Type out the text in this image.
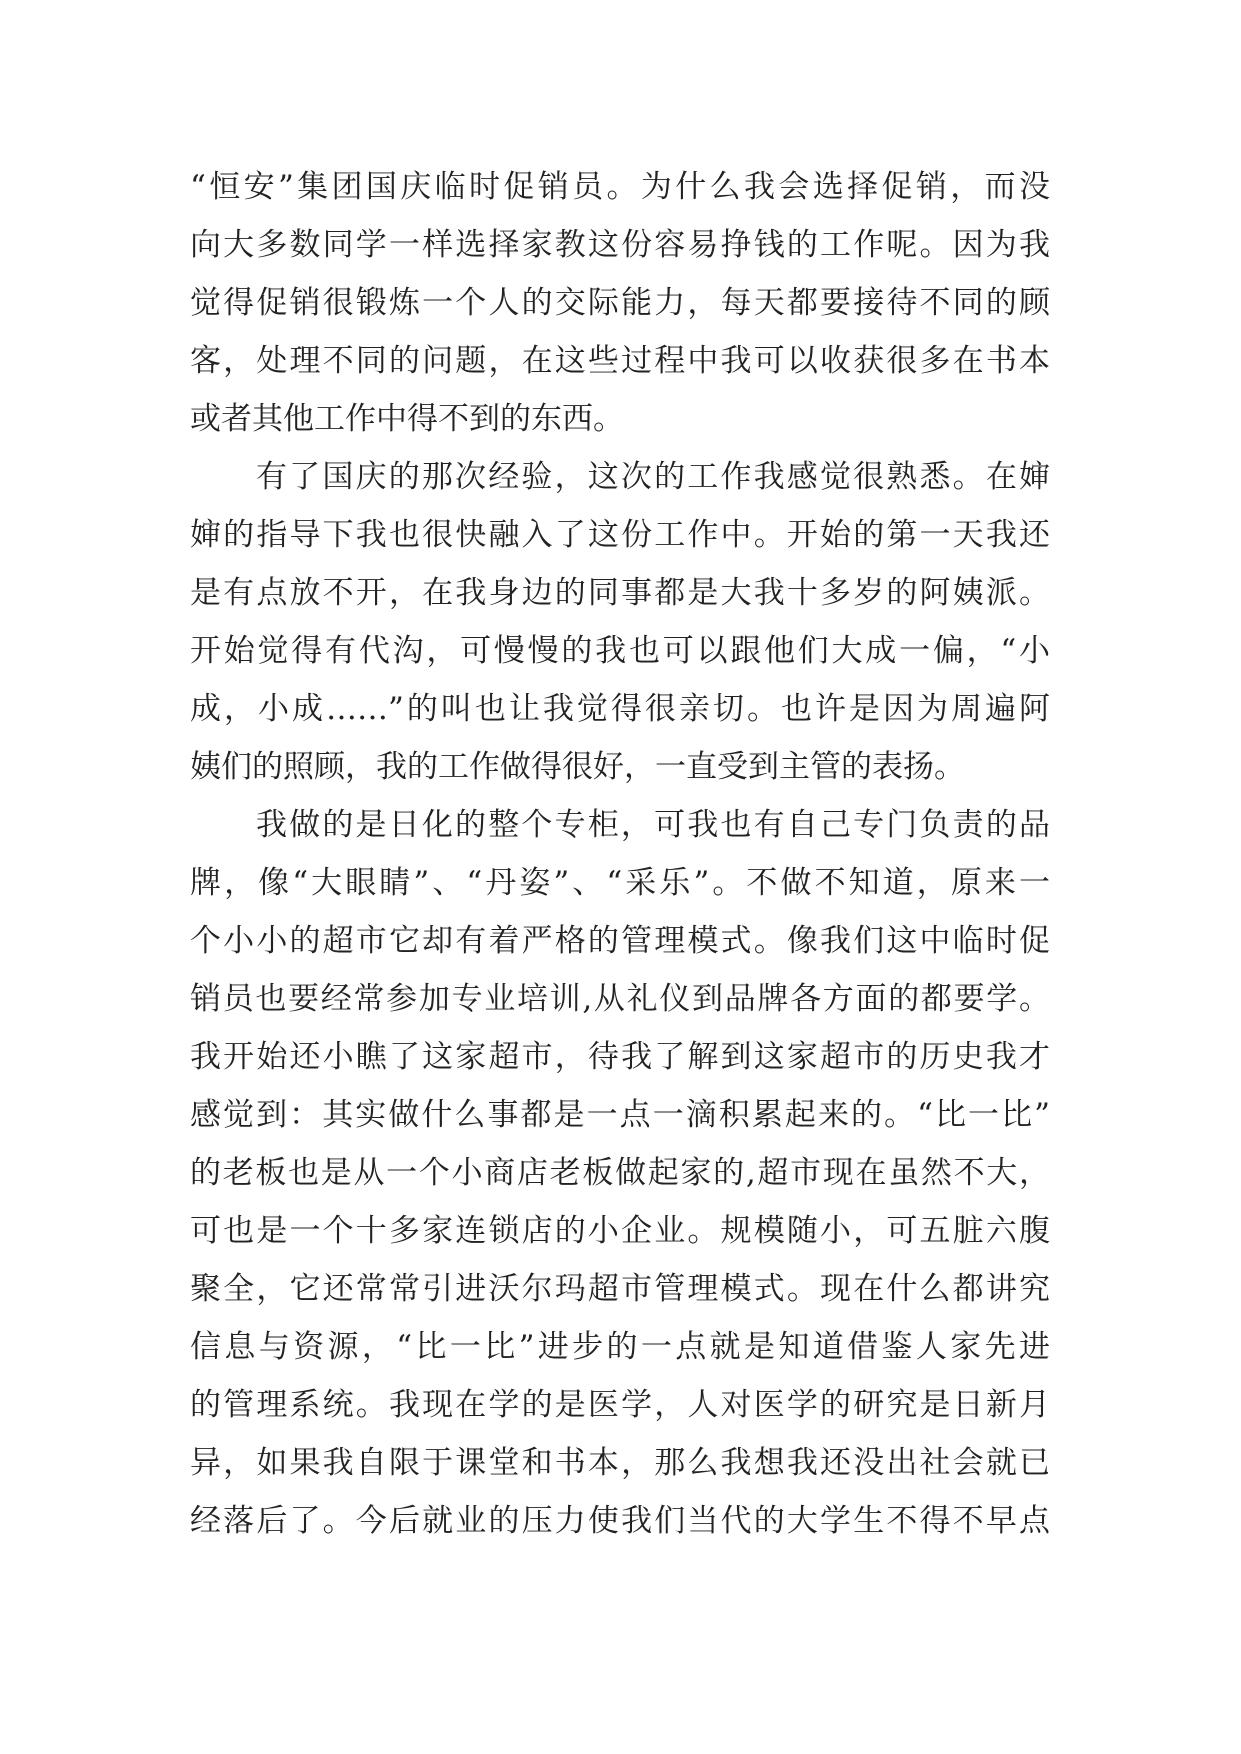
“恒安”集团国庆临时促销员。为什么我会选择促销，而没
向大多数同学一样选择家教这份容易挣钱的工作呢。因为我
觉得促销很锻炼一个人的交际能力，每天都要接待不同的顾
客，处理不同的问题，在这些过程中我可以收获很多在书本
或者其他工作中得不到的东西。
有了国庆的那次经验，这次的工作我感觉很熟悉。在婶
婶的指导下我也很快融入了这份工作中。开始的第一天我还
是有点放不开，在我身边的同事都是大我十多岁的阿姨派。
开始觉得有代沟，可慢慢的我也可以跟他们大成一偏，“小
成，小成……”的叫也让我觉得很亲切。也许是因为周遍阿
姨们的照顾，我的工作做得很好，一直受到主管的表扬。
我做的是日化的整个专柜，可我也有自己专门负责的品
牌，像“大眼睛”、“丹姿”、“采乐”。不做不知道，原来一
个小小的超市它却有着严格的管理模式。像我们这中临时促
销员也要经常参加专业培训,从礼仪到品牌各方面的都要学。
我开始还小瞧了这家超市，待我了解到这家超市的历史我才
感觉到：其实做什么事都是一点一滴积累起来的。“比一比”
的老板也是从一个小商店老板做起家的,超市现在虽然不大，
可也是一个十多家连锁店的小企业。规模随小，可五脏六腹
聚全，它还常常引进沃尔玛超市管理模式。现在什么都讲究
信息与资源，“比一比”进步的一点就是知道借鉴人家先进
的管理系统。我现在学的是医学，人对医学的研究是日新月
异，如果我自限于课堂和书本，那么我想我还没出社会就已
经落后了。今后就业的压力使我们当代的大学生不得不早点
